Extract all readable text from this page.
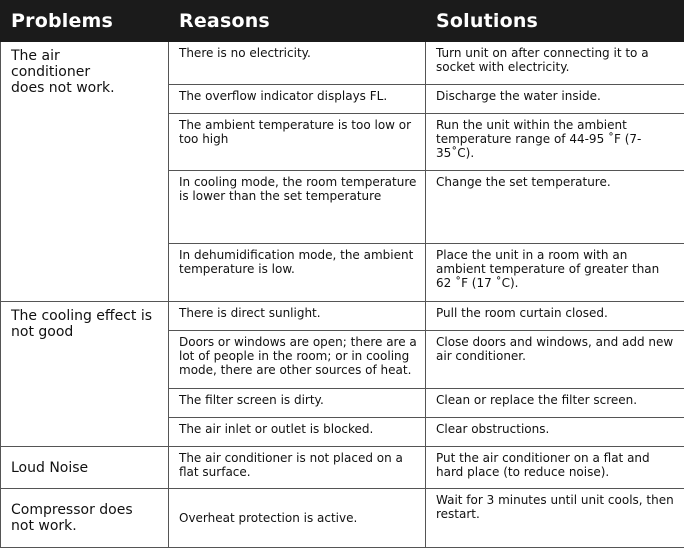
Problems	Reasons	Solutions
The air
conditioner
does not work.	There is no electricity.	Turn unit on after connecting it to a socket with electricity.
	The overflow indicator displays FL.	Discharge the water inside.
	The ambient temperature is too low or too high	Run the unit within the ambient temperature range of 44-95 ˚F (7-35˚C).
	In cooling mode, the room temperature is lower than the set temperature	Change the set temperature.
	In dehumidification mode, the ambient temperature is low.	Place the unit in a room with an ambient temperature of greater than 62 ˚F (17 ˚C).
The cooling effect is not good	There is direct sunlight.	Pull the room curtain closed.
	Doors or windows are open; there are a lot of people in the room; or in cooling mode, there are other sources of heat.	Close doors and windows, and add new air conditioner.
	The filter screen is dirty.	Clean or replace the filter screen.
	The air inlet or outlet is blocked.	Clear obstructions.
Loud Noise	The air conditioner is not placed on a flat surface.	Put the air conditioner on a flat and hard place (to reduce noise).
Compressor does not work.	Overheat protection is active.	Wait for 3 minutes until unit cools, then restart.
